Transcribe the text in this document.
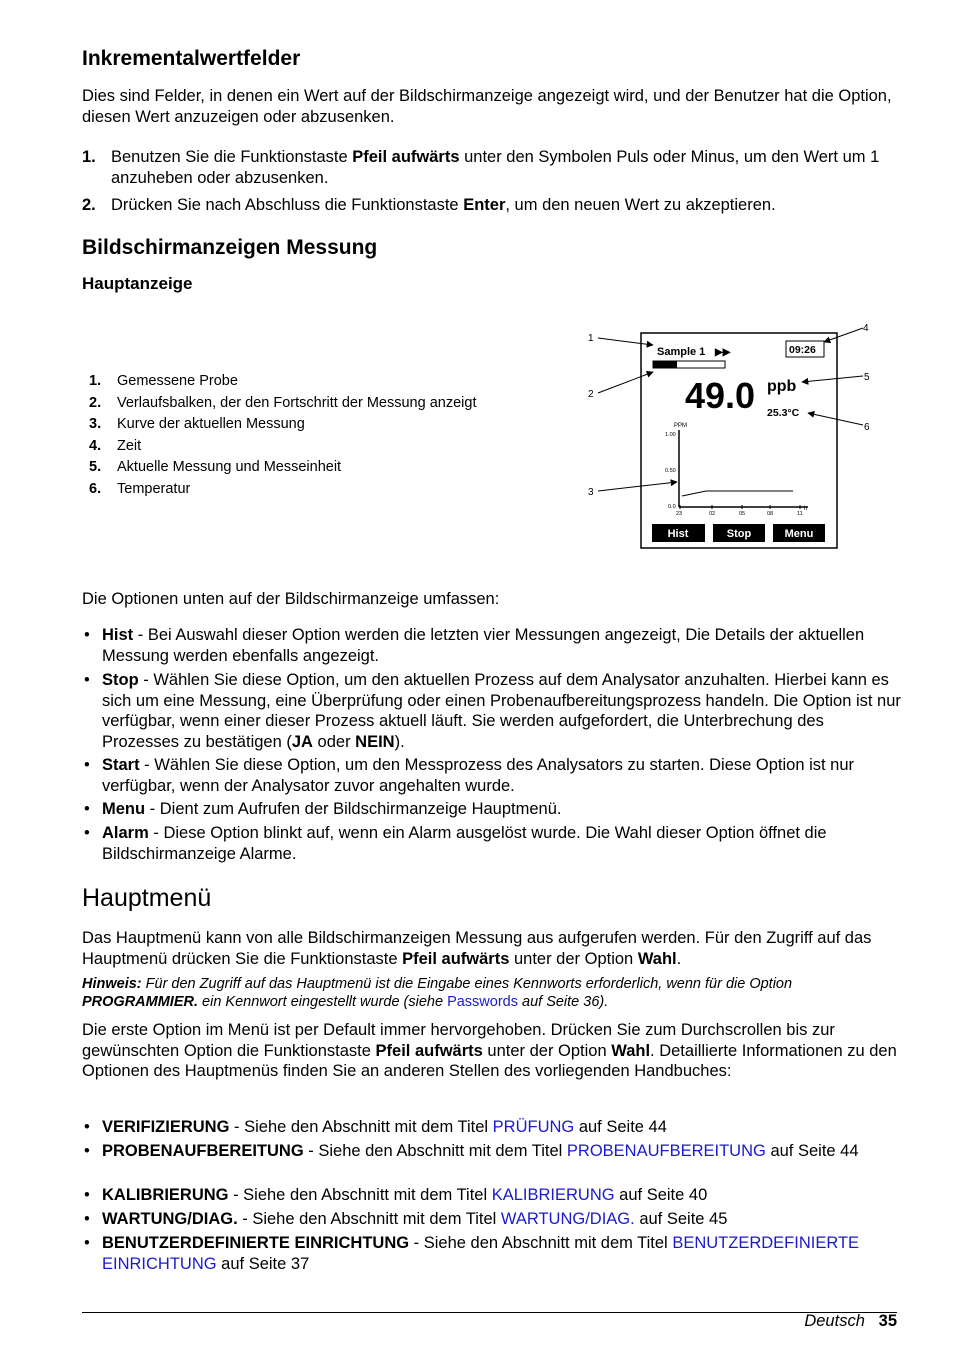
Inkrementalwertfelder

Dies sind Felder, in denen ein Wert auf der Bildschirmanzeige angezeigt wird, und der Benutzer hat die Option, diesen Wert anzuzeigen oder abzusenken.

1. Benutzen Sie die Funktionstaste Pfeil aufwärts unter den Symbolen Puls oder Minus, um den Wert um 1 anzuheben oder abzusenken.
2. Drücken Sie nach Abschluss die Funktionstaste Enter, um den neuen Wert zu akzeptieren.
Bildschirmanzeigen Messung
Hauptanzeige
1. Gemessene Probe
2. Verlaufsbalken, der den Fortschritt der Messung anzeigt
3. Kurve der aktuellen Messung
4. Zeit
5. Aktuelle Messung und Messeinheit
6. Temperatur
Sample 1 ▶▶	09:26
49.0 ppb
25.3°C
PPM
1.00
0.50
0.0
23	02	05	08	11
h
Hist	Stop	Menu
1
2
3
4
5
6

Die Optionen unten auf der Bildschirmanzeige umfassen:

• Hist - Bei Auswahl dieser Option werden die letzten vier Messungen angezeigt, Die Details der aktuellen Messung werden ebenfalls angezeigt.
• Stop - Wählen Sie diese Option, um den aktuellen Prozess auf dem Analysator anzuhalten. Hierbei kann es sich um eine Messung, eine Überprüfung oder einen Probenaufbereitungsprozess handeln. Die Option ist nur verfügbar, wenn einer dieser Prozess aktuell läuft. Sie werden aufgefordert, die Unterbrechung des Prozesses zu bestätigen (JA oder NEIN).
• Start - Wählen Sie diese Option, um den Messprozess des Analysators zu starten. Diese Option ist nur verfügbar, wenn der Analysator zuvor angehalten wurde.
• Menu - Dient zum Aufrufen der Bildschirmanzeige Hauptmenü.
• Alarm - Diese Option blinkt auf, wenn ein Alarm ausgelöst wurde. Die Wahl dieser Option öffnet die Bildschirmanzeige Alarme.
Hauptmenü

Das Hauptmenü kann von alle Bildschirmanzeigen Messung aus aufgerufen werden. Für den Zugriff auf das Hauptmenü drücken Sie die Funktionstaste Pfeil aufwärts unter der Option Wahl.

Hinweis: Für den Zugriff auf das Hauptmenü ist die Eingabe eines Kennworts erforderlich, wenn für die Option PROGRAMMIER. ein Kennwort eingestellt wurde (siehe Passwords auf Seite 36).

Die erste Option im Menü ist per Default immer hervorgehoben. Drücken Sie zum Durchscrollen bis zur gewünschten Option die Funktionstaste Pfeil aufwärts unter der Option Wahl. Detaillierte Informationen zu den Optionen des Hauptmenüs finden Sie an anderen Stellen des vorliegenden Handbuches:

• VERIFIZIERUNG - Siehe den Abschnitt mit dem Titel PRÜFUNG auf Seite 44
• PROBENAUFBEREITUNG - Siehe den Abschnitt mit dem Titel PROBENAUFBEREITUNG auf Seite 44
• KALIBRIERUNG - Siehe den Abschnitt mit dem Titel KALIBRIERUNG auf Seite 40
• WARTUNG/DIAG. - Siehe den Abschnitt mit dem Titel WARTUNG/DIAG. auf Seite 45
• BENUTZERDEFINIERTE EINRICHTUNG - Siehe den Abschnitt mit dem Titel BENUTZERDEFINIERTE EINRICHTUNG auf Seite 37
Deutsch 35
